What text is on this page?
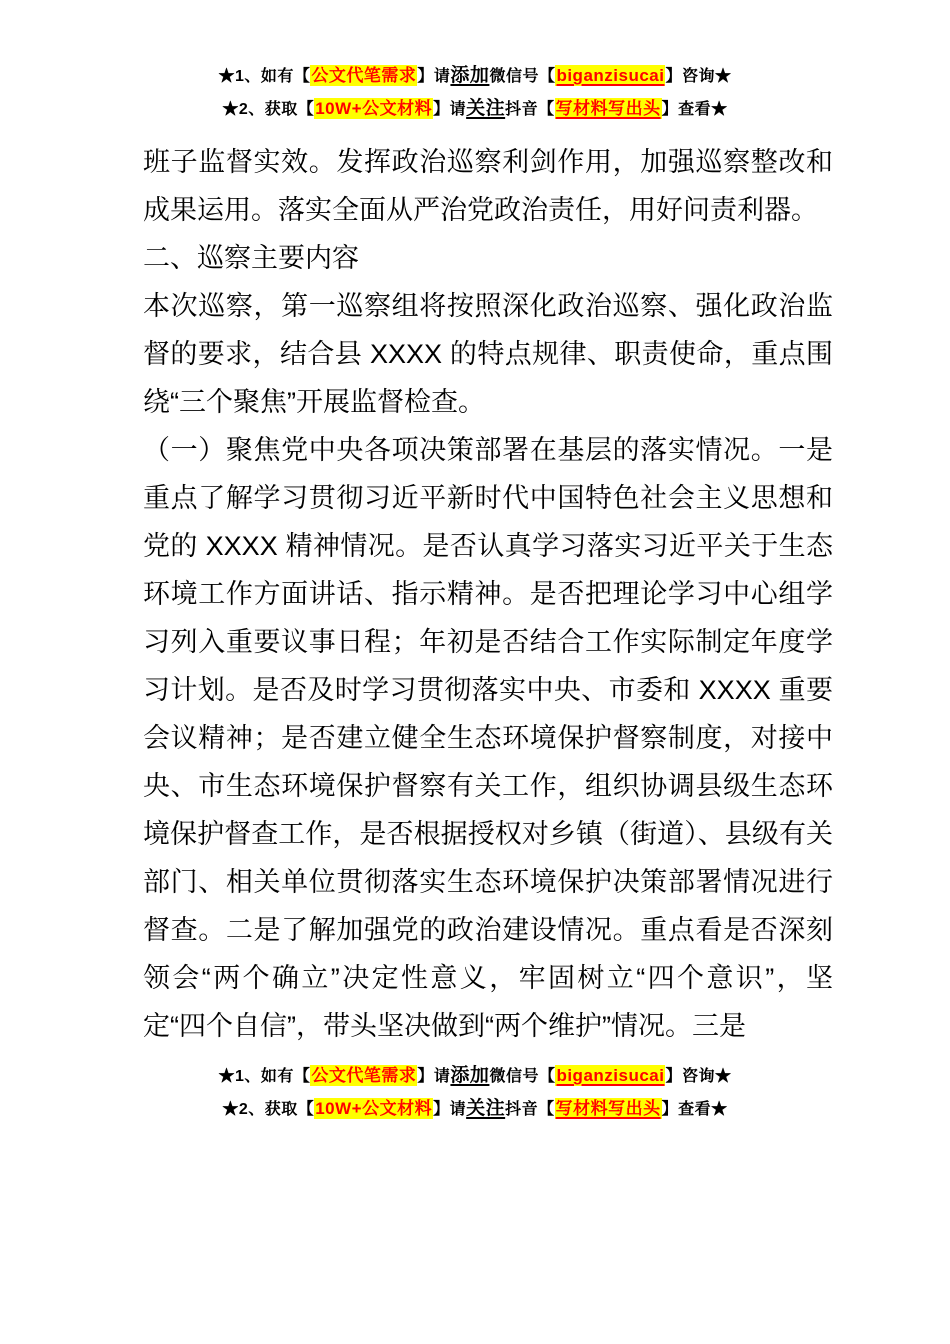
★1、如有【公文代笔需求】请添加微信号【biganzisucai】咨询★
★2、获取【10W+公文材料】请关注抖音【写材料写出头】查看★

班子监督实效。发挥政治巡察利剑作用，加强巡察整改和成果运用。落实全面从严治党政治责任，用好问责利器。

二、巡察主要内容

本次巡察，第一巡察组将按照深化政治巡察、强化政治监督的要求，结合县 XXXX 的特点规律、职责使命，重点围绕“三个聚焦”开展监督检查。

（一）聚焦党中央各项决策部署在基层的落实情况。一是重点了解学习贯彻习近平新时代中国特色社会主义思想和党的 XXXX 精神情况。是否认真学习落实习近平关于生态环境工作方面讲话、指示精神。是否把理论学习中心组学习列入重要议事日程；年初是否结合工作实际制定年度学习计划。是否及时学习贯彻落实中央、市委和 XXXX 重要会议精神；是否建立健全生态环境保护督察制度，对接中央、市生态环境保护督察有关工作，组织协调县级生态环境保护督查工作，是否根据授权对乡镇（街道）、县级有关部门、相关单位贯彻落实生态环境保护决策部署情况进行督查。二是了解加强党的政治建设情况。重点看是否深刻领会“两个确立”决定性意义，牢固树立“四个意识”，坚定“四个自信”，带头坚决做到“两个维护”情况。三是

★1、如有【公文代笔需求】请添加微信号【biganzisucai】咨询★
★2、获取【10W+公文材料】请关注抖音【写材料写出头】查看★
